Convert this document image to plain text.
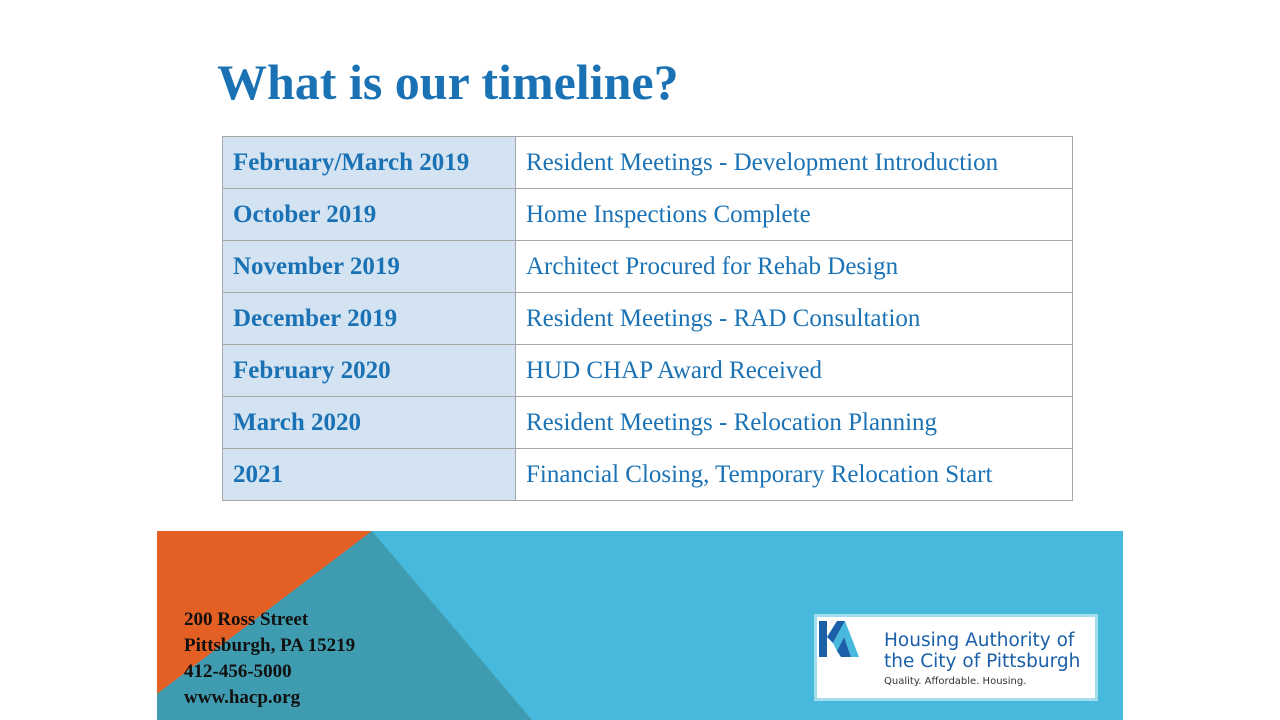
What is our timeline?
February/March 2019	Resident Meetings - Development Introduction
October 2019	Home Inspections Complete
November 2019	Architect Procured for Rehab Design
December 2019	Resident Meetings - RAD Consultation
February 2020	HUD CHAP Award Received
March 2020	Resident Meetings - Relocation Planning
2021	Financial Closing, Temporary Relocation Start
200 Ross Street
Pittsburgh, PA 15219
412-456-5000
www.hacp.org
Housing Authority of
the City of Pittsburgh
Quality. Affordable. Housing.
